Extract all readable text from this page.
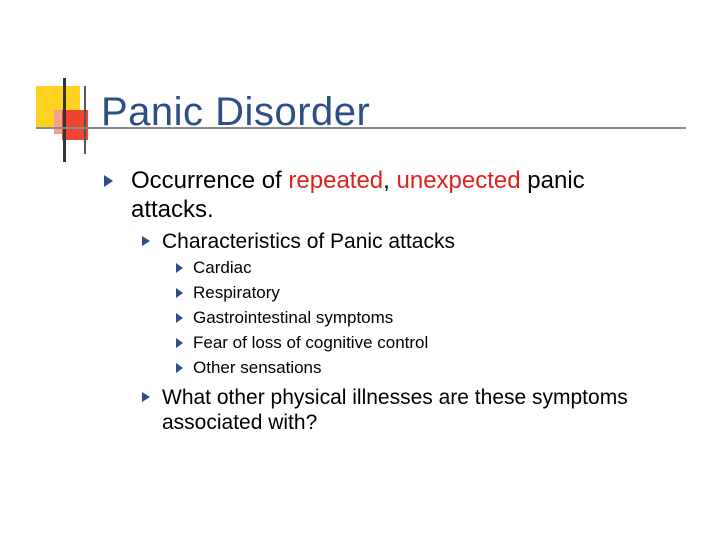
Panic Disorder
Occurrence of repeated, unexpected panic
attacks.
Characteristics of Panic attacks
Cardiac
Respiratory
Gastrointestinal symptoms
Fear of loss of cognitive control
Other sensations
What other physical illnesses are these symptoms
associated with?
